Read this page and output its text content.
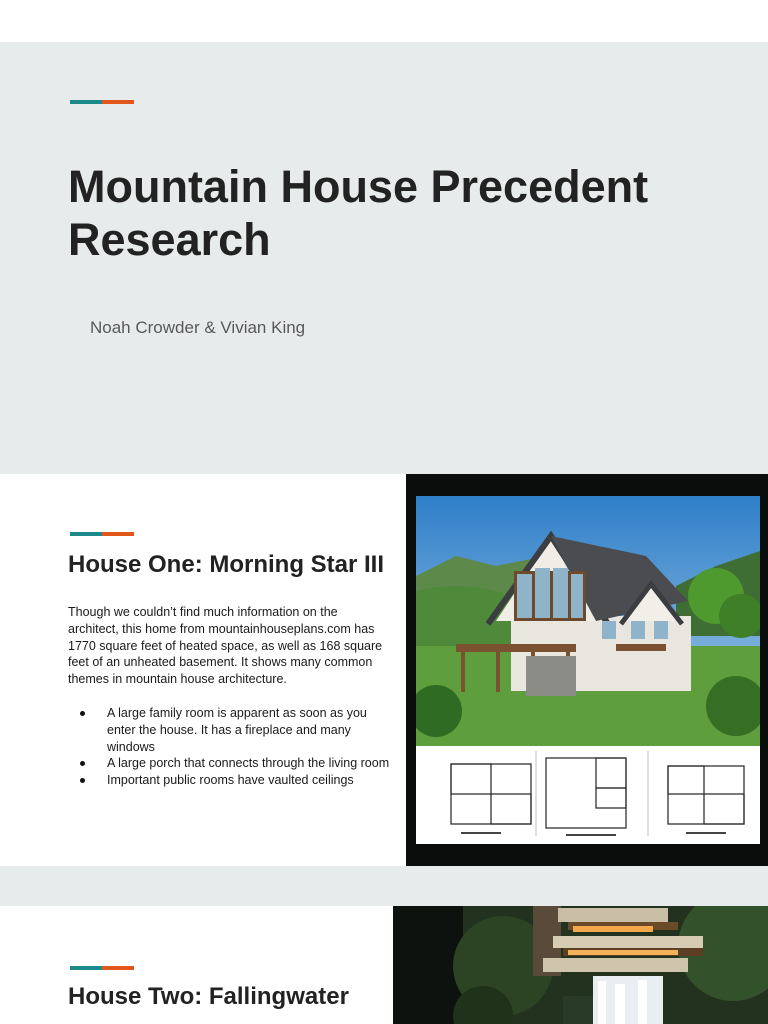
Mountain House Precedent Research

Noah Crowder & Vivian King

House One: Morning Star III

Though we couldn’t find much information on the architect, this home from mountainhouseplans.com has 1770 square feet of heated space, as well as 168 square feet of an unheated basement. It shows many common themes in mountain house architecture.

A large family room is apparent as soon as you enter the house. It has a fireplace and many windows
A large porch that connects through the living room
Important public rooms have vaulted ceilings
House Two: Fallingwater
